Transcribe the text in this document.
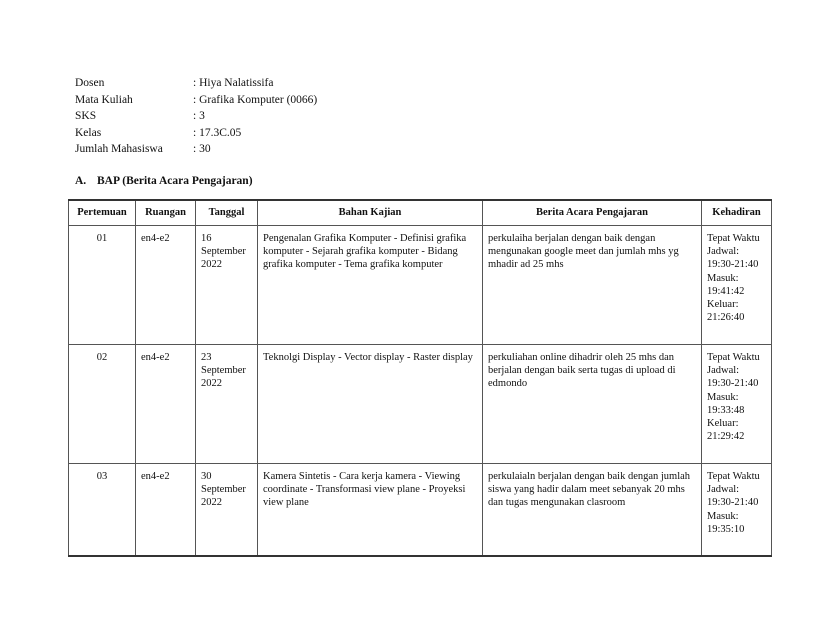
Dosen	: Hiya Nalatissifa
Mata Kuliah	: Grafika Komputer (0066)
SKS	: 3
Kelas	: 17.3C.05
Jumlah Mahasiswa	: 30
A. BAP (Berita Acara Pengajaran)
Pertemuan	Ruangan	Tanggal	Bahan Kajian	Berita Acara Pengajaran	Kehadiran
01	en4-e2	16 September 2022	Pengenalan Grafika Komputer - Definisi grafika komputer - Sejarah grafika komputer - Bidang grafika komputer - Tema grafika komputer	perkulaiha berjalan dengan baik dengan mengunakan google meet dan jumlah mhs yg mhadir ad 25 mhs	Tepat Waktu
Jadwal: 19:30-21:40
Masuk: 19:41:42
Keluar: 21:26:40

02	en4-e2	23 September 2022	Teknolgi Display - Vector display - Raster display	perkuliahan online dihadrir oleh 25 mhs dan berjalan dengan baik serta tugas di upload di edmondo	Tepat Waktu
Jadwal: 19:30-21:40
Masuk: 19:33:48
Keluar: 21:29:42

03	en4-e2	30 September 2022	Kamera Sintetis - Cara kerja kamera - Viewing coordinate - Transformasi view plane - Proyeksi view plane	perkulaialn berjalan dengan baik dengan jumlah siswa yang hadir dalam meet sebanyak 20 mhs dan tugas mengunakan clasroom	Tepat Waktu
Jadwal: 19:30-21:40
Masuk: 19:35:10
